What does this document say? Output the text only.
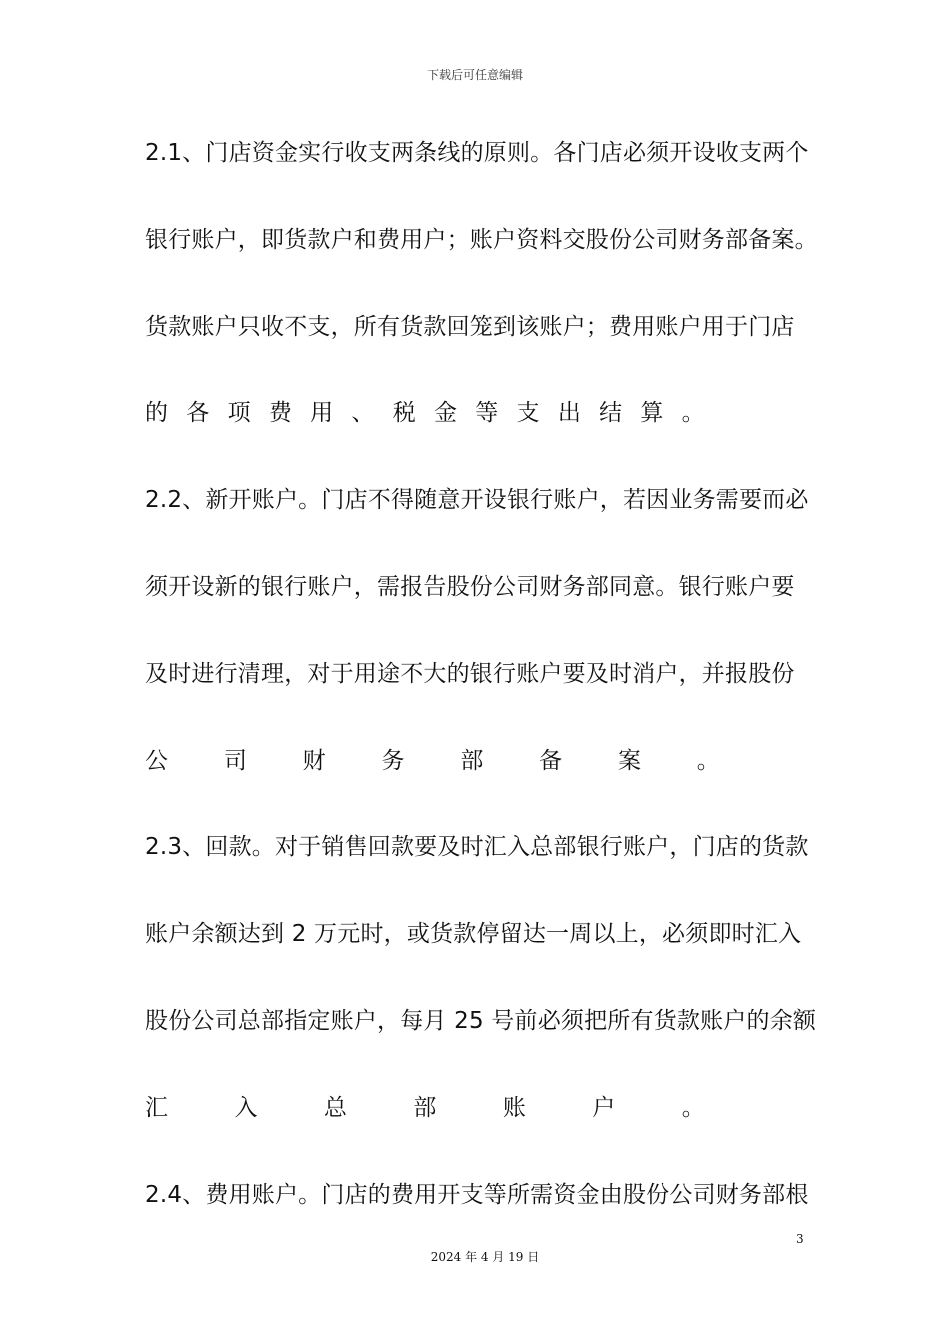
下载后可任意编辑
2.1、门店资金实行收支两条线的原则。各门店必须开设收支两个
银行账户，即货款户和费用户；账户资料交股份公司财务部备案。
货款账户只收不支，所有货款回笼到该账户；费用账户用于门店
的 各 项 费 用 、 税 金 等 支 出 结 算 。
2.2、新开账户。门店不得随意开设银行账户，若因业务需要而必
须开设新的银行账户，需报告股份公司财务部同意。银行账户要
及时进行清理，对于用途不大的银行账户要及时消户，并报股份
公 司 财 务 部 备 案 。
2.3、回款。对于销售回款要及时汇入总部银行账户，门店的货款
账户余额达到 2 万元时，或货款停留达一周以上，必须即时汇入
股份公司总部指定账户，每月 25 号前必须把所有货款账户的余额
汇	入	总	部	账	户	。
2.4、费用账户。门店的费用开支等所需资金由股份公司财务部根
3
2024 年 4 月 19 日
